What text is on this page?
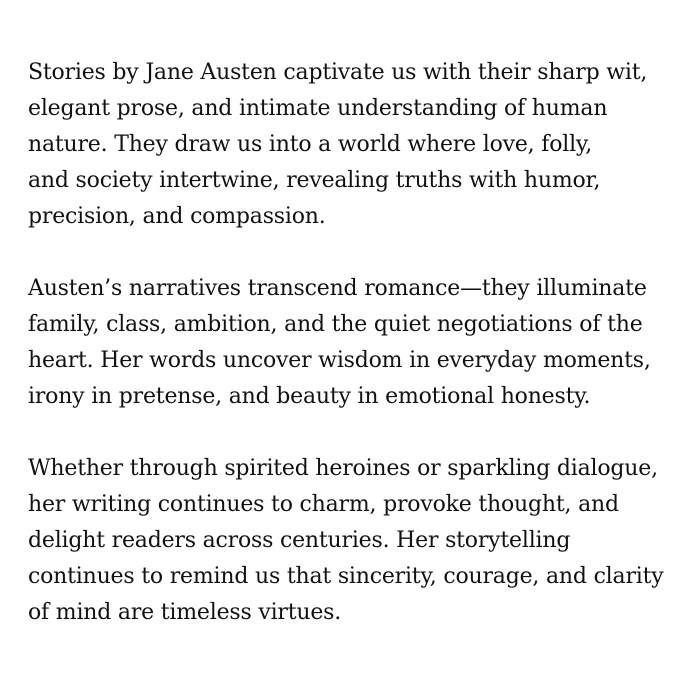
Stories by Jane Austen captivate us with their sharp wit,
elegant prose, and intimate understanding of human
nature. They draw us into a world where love, folly,
and society intertwine, revealing truths with humor,
precision, and compassion.

Austen’s narratives transcend romance—they illuminate
family, class, ambition, and the quiet negotiations of the
heart. Her words uncover wisdom in everyday moments,
irony in pretense, and beauty in emotional honesty.

Whether through spirited heroines or sparkling dialogue,
her writing continues to charm, provoke thought, and
delight readers across centuries. Her storytelling
continues to remind us that sincerity, courage, and clarity
of mind are timeless virtues.
